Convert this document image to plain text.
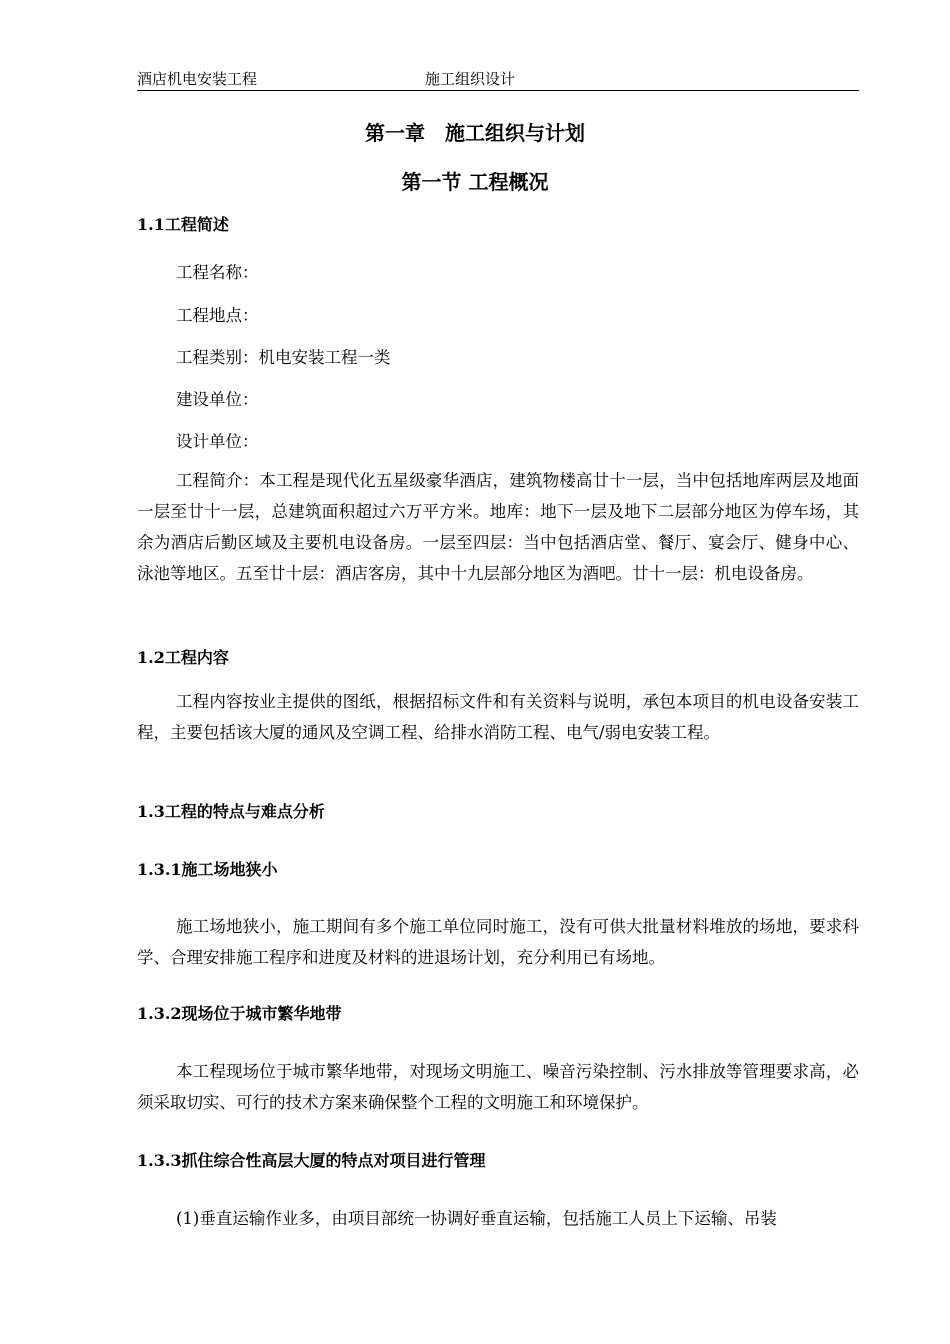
酒店机电安装工程	施工组织设计
第一章　施工组织与计划
第一节 工程概况
1.1工程简述
工程名称：
工程地点：
工程类别：机电安装工程一类
建设单位：
设计单位：
工程简介：本工程是现代化五星级豪华酒店，建筑物楼高廿十一层，当中包括地库两层及地面一层至廿十一层，总建筑面积超过六万平方米。地库：地下一层及地下二层部分地区为停车场，其余为酒店后勤区域及主要机电设备房。一层至四层：当中包括酒店堂、餐厅、宴会厅、健身中心、泳池等地区。五至廿十层：酒店客房，其中十九层部分地区为酒吧。廿十一层：机电设备房。
1.2工程内容
工程内容按业主提供的图纸，根据招标文件和有关资料与说明，承包本项目的机电设备安装工程，主要包括该大厦的通风及空调工程、给排水消防工程、电气/弱电安装工程。
1.3工程的特点与难点分析
1.3.1施工场地狭小
施工场地狭小，施工期间有多个施工单位同时施工，没有可供大批量材料堆放的场地，要求科学、合理安排施工程序和进度及材料的进退场计划，充分利用已有场地。
1.3.2现场位于城市繁华地带
本工程现场位于城市繁华地带，对现场文明施工、噪音污染控制、污水排放等管理要求高，必须采取切实、可行的技术方案来确保整个工程的文明施工和环境保护。
1.3.3抓住综合性高层大厦的特点对项目进行管理
(1)垂直运输作业多，由项目部统一协调好垂直运输，包括施工人员上下运输、吊装
